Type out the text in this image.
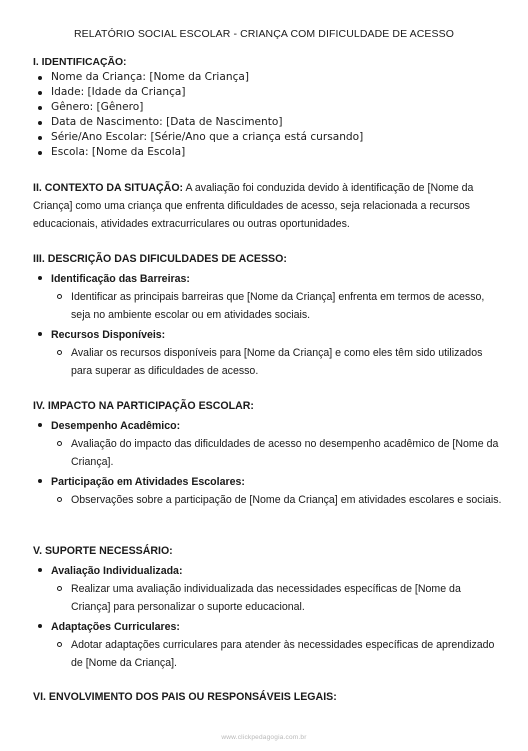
RELATÓRIO SOCIAL ESCOLAR - CRIANÇA COM DIFICULDADE DE ACESSO
I. IDENTIFICAÇÃO:
Nome da Criança: [Nome da Criança]
Idade: [Idade da Criança]
Gênero: [Gênero]
Data de Nascimento: [Data de Nascimento]
Série/Ano Escolar: [Série/Ano que a criança está cursando]
Escola: [Nome da Escola]

II. CONTEXTO DA SITUAÇÃO: A avaliação foi conduzida devido à identificação de [Nome da Criança] como uma criança que enfrenta dificuldades de acesso, seja relacionada a recursos educacionais, atividades extracurriculares ou outras oportunidades.

III. DESCRIÇÃO DAS DIFICULDADES DE ACESSO:
Identificação das Barreiras:
Identificar as principais barreiras que [Nome da Criança] enfrenta em termos de acesso, seja no ambiente escolar ou em atividades sociais.
Recursos Disponíveis:
Avaliar os recursos disponíveis para [Nome da Criança] e como eles têm sido utilizados para superar as dificuldades de acesso.
IV. IMPACTO NA PARTICIPAÇÃO ESCOLAR:
Desempenho Acadêmico:
Avaliação do impacto das dificuldades de acesso no desempenho acadêmico de [Nome da Criança].
Participação em Atividades Escolares:
Observações sobre a participação de [Nome da Criança] em atividades escolares e sociais.
V. SUPORTE NECESSÁRIO:
Avaliação Individualizada:
Realizar uma avaliação individualizada das necessidades específicas de [Nome da Criança] para personalizar o suporte educacional.
Adaptações Curriculares:
Adotar adaptações curriculares para atender às necessidades específicas de aprendizado de [Nome da Criança].
VI. ENVOLVIMENTO DOS PAIS OU RESPONSÁVEIS LEGAIS:
www.clickpedagogia.com.br
